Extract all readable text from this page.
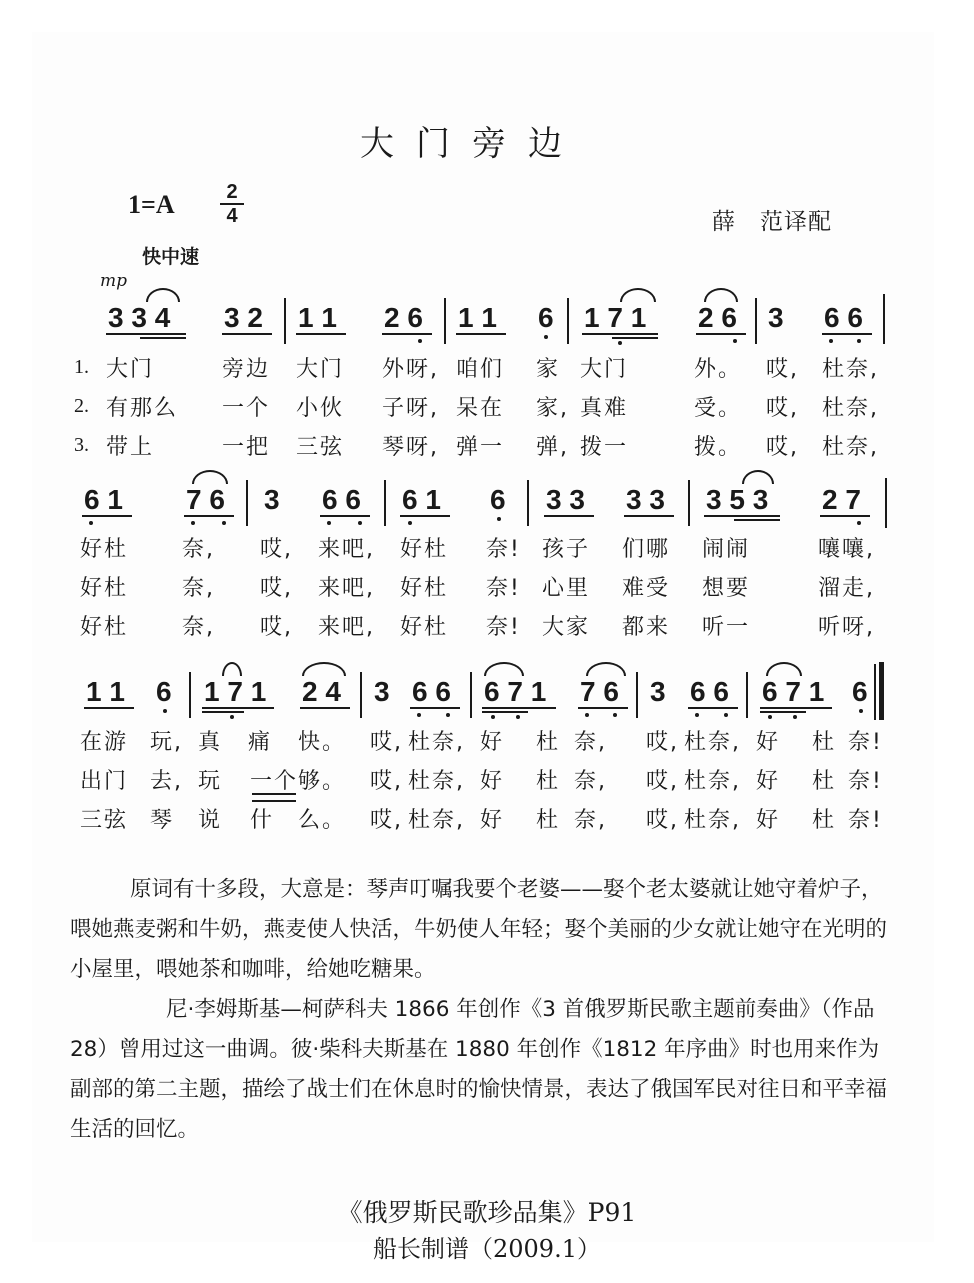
大门旁边
$1=A \frac{2}{4}$	薛　范译配
快中速
mp
3 3 4 3 2 1 1 2 6 1 1 6 1 7 1 2 6 3 6 6
1. 大门	旁边 大门 外呀, 咱们 家 大门	外。 哎, 杜奈,
2. 有那么 一个 小伙 子呀, 呆在 家, 真难	受。 哎, 杜奈,
3. 带上	一把 三弦 琴呀, 弹一 弹, 拨一	拨。 哎, 杜奈,
6 1 7 6 3 6 6 6 1 6 3 3 3 3 3 5 3 2 7
好杜 奈, 哎, 来吧, 好杜 奈! 孩子 们哪 闹闹	嚷嚷,
好杜 奈, 哎, 来吧, 好杜 奈! 心里 难受 想要	溜走,
好杜 奈, 哎, 来吧, 好杜 奈! 大家 都来 听一	听呀,
1 1 6 1 7 1 2 4 3 6 6 6 7 1 7 6 3 6 6 6 7 1 6
在游 玩, 真 痛 快。 哎, 杜奈, 好 杜 奈, 哎, 杜奈, 好 杜 奈!
出门 去, 玩 一个够。 哎, 杜奈, 好 杜 奈, 哎, 杜奈, 好 杜 奈!
三弦 琴 说 什 么。 哎, 杜奈, 好 杜 奈, 哎, 杜奈, 好 杜 奈!
原词有十多段，大意是：琴声叮嘱我要个老婆——娶个老太婆就让她守着炉子，喂她燕麦粥和牛奶，燕麦使人快活，牛奶使人年轻；娶个美丽的少女就让她守在光明的小屋里，喂她茶和咖啡，给她吃糖果。
尼·李姆斯基—柯萨科夫 1866 年创作《3 首俄罗斯民歌主题前奏曲》（作品 28）曾用过这一曲调。彼·柴科夫斯基在 1880 年创作《1812 年序曲》时也用来作为副部的第二主题，描绘了战士们在休息时的愉快情景，表达了俄国军民对往日和平幸福生活的回忆。
《俄罗斯民歌珍品集》P91
船长制谱（2009.1）
